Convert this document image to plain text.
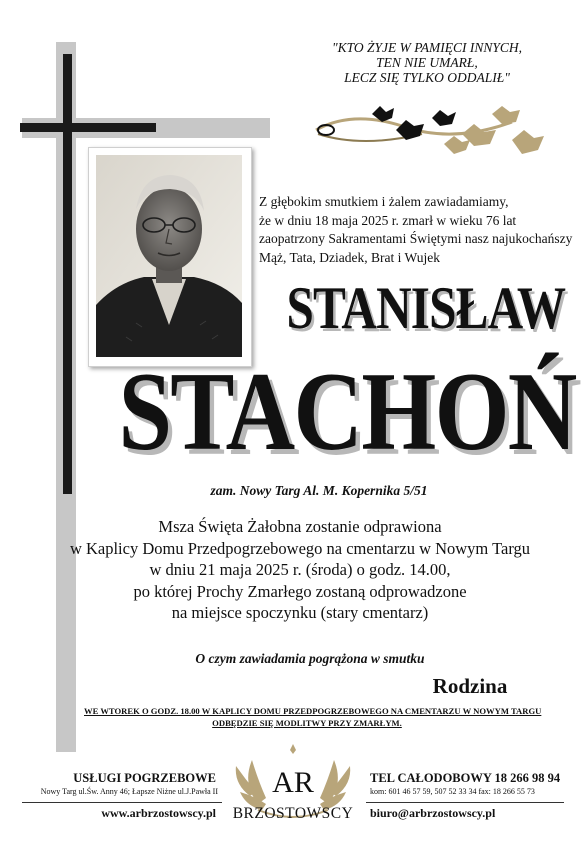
"KTO ŻYJE W PAMIĘCI INNYCH,
TEN NIE UMARŁ,
LECZ SIĘ TYLKO ODDALIŁ"
Z głębokim smutkiem i żalem zawiadamiamy,
że w dniu 18 maja 2025 r. zmarł w wieku 76 lat
zaopatrzony Sakramentami Świętymi nasz najukochańszy
Mąż, Tata, Dziadek, Brat i Wujek
STANISŁAW
STACHOŃ
zam. Nowy Targ Al. M. Kopernika 5/51
Msza Święta Żałobna zostanie odprawiona
w Kaplicy Domu Przedpogrzebowego na cmentarzu w Nowym Targu
w dniu 21 maja 2025 r. (środa) o godz. 14.00,
po której Prochy Zmarłego zostaną odprowadzone
na miejsce spoczynku (stary cmentarz)
O czym zawiadamia pogrążona w smutku
Rodzina
WE WTOREK O GODZ. 18.00 W KAPLICY DOMU PRZEDPOGRZEBOWEGO NA CMENTARZU W NOWYM TARGU
ODBĘDZIE SIĘ MODLITWY PRZY ZMARŁYM.
USŁUGI POGRZEBOWE
Nowy Targ ul.Św. Anny 46; Łapsze Niżne ul.J.Pawła II
www.arbrzostowscy.pl
AR
BRZOSTOWSCY
TEL CAŁODOBOWY 18 266 98 94
kom: 601 46 57 59, 507 52 33 34 fax: 18 266 55 73
biuro@arbrzostowscy.pl
